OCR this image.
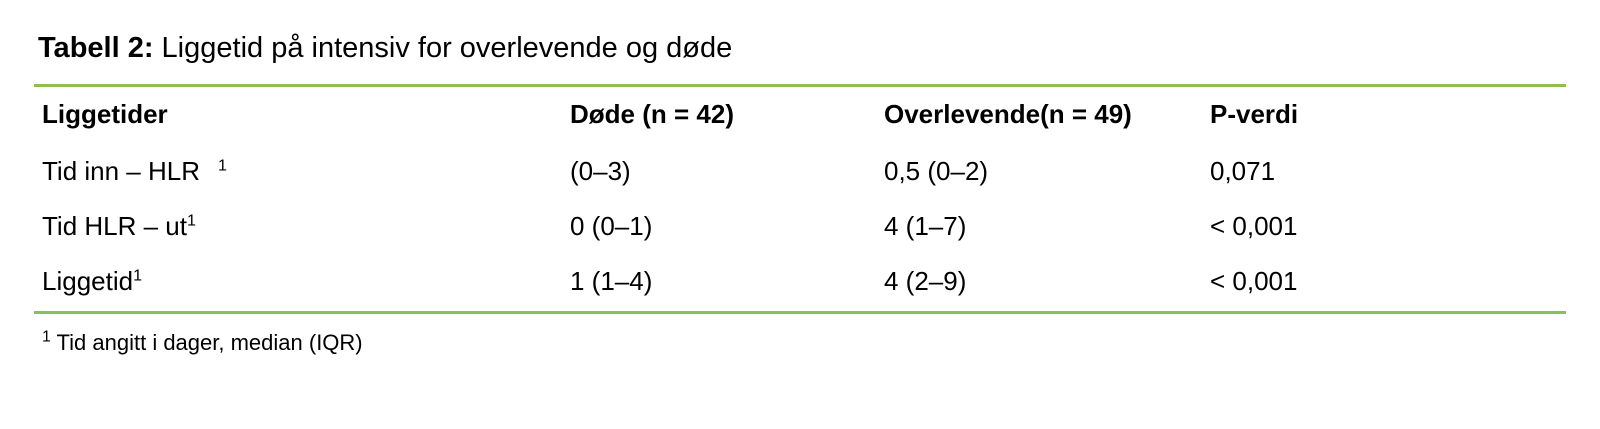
Tabell 2: Liggetid på intensiv for overlevende og døde
Liggetider	Døde (n = 42)	Overlevende(n = 49)	P-verdi
Tid inn – HLR $^1$	(0–3)	0,5 (0–2)	0,071
Tid HLR – $ut^1$	0 (0–1)	4 (1–7)	< 0,001
Liggetid$^1$	1 (1–4)	4 (2–9)	< 0,001
$^1$ Tid angitt i dager, median (IQR)
